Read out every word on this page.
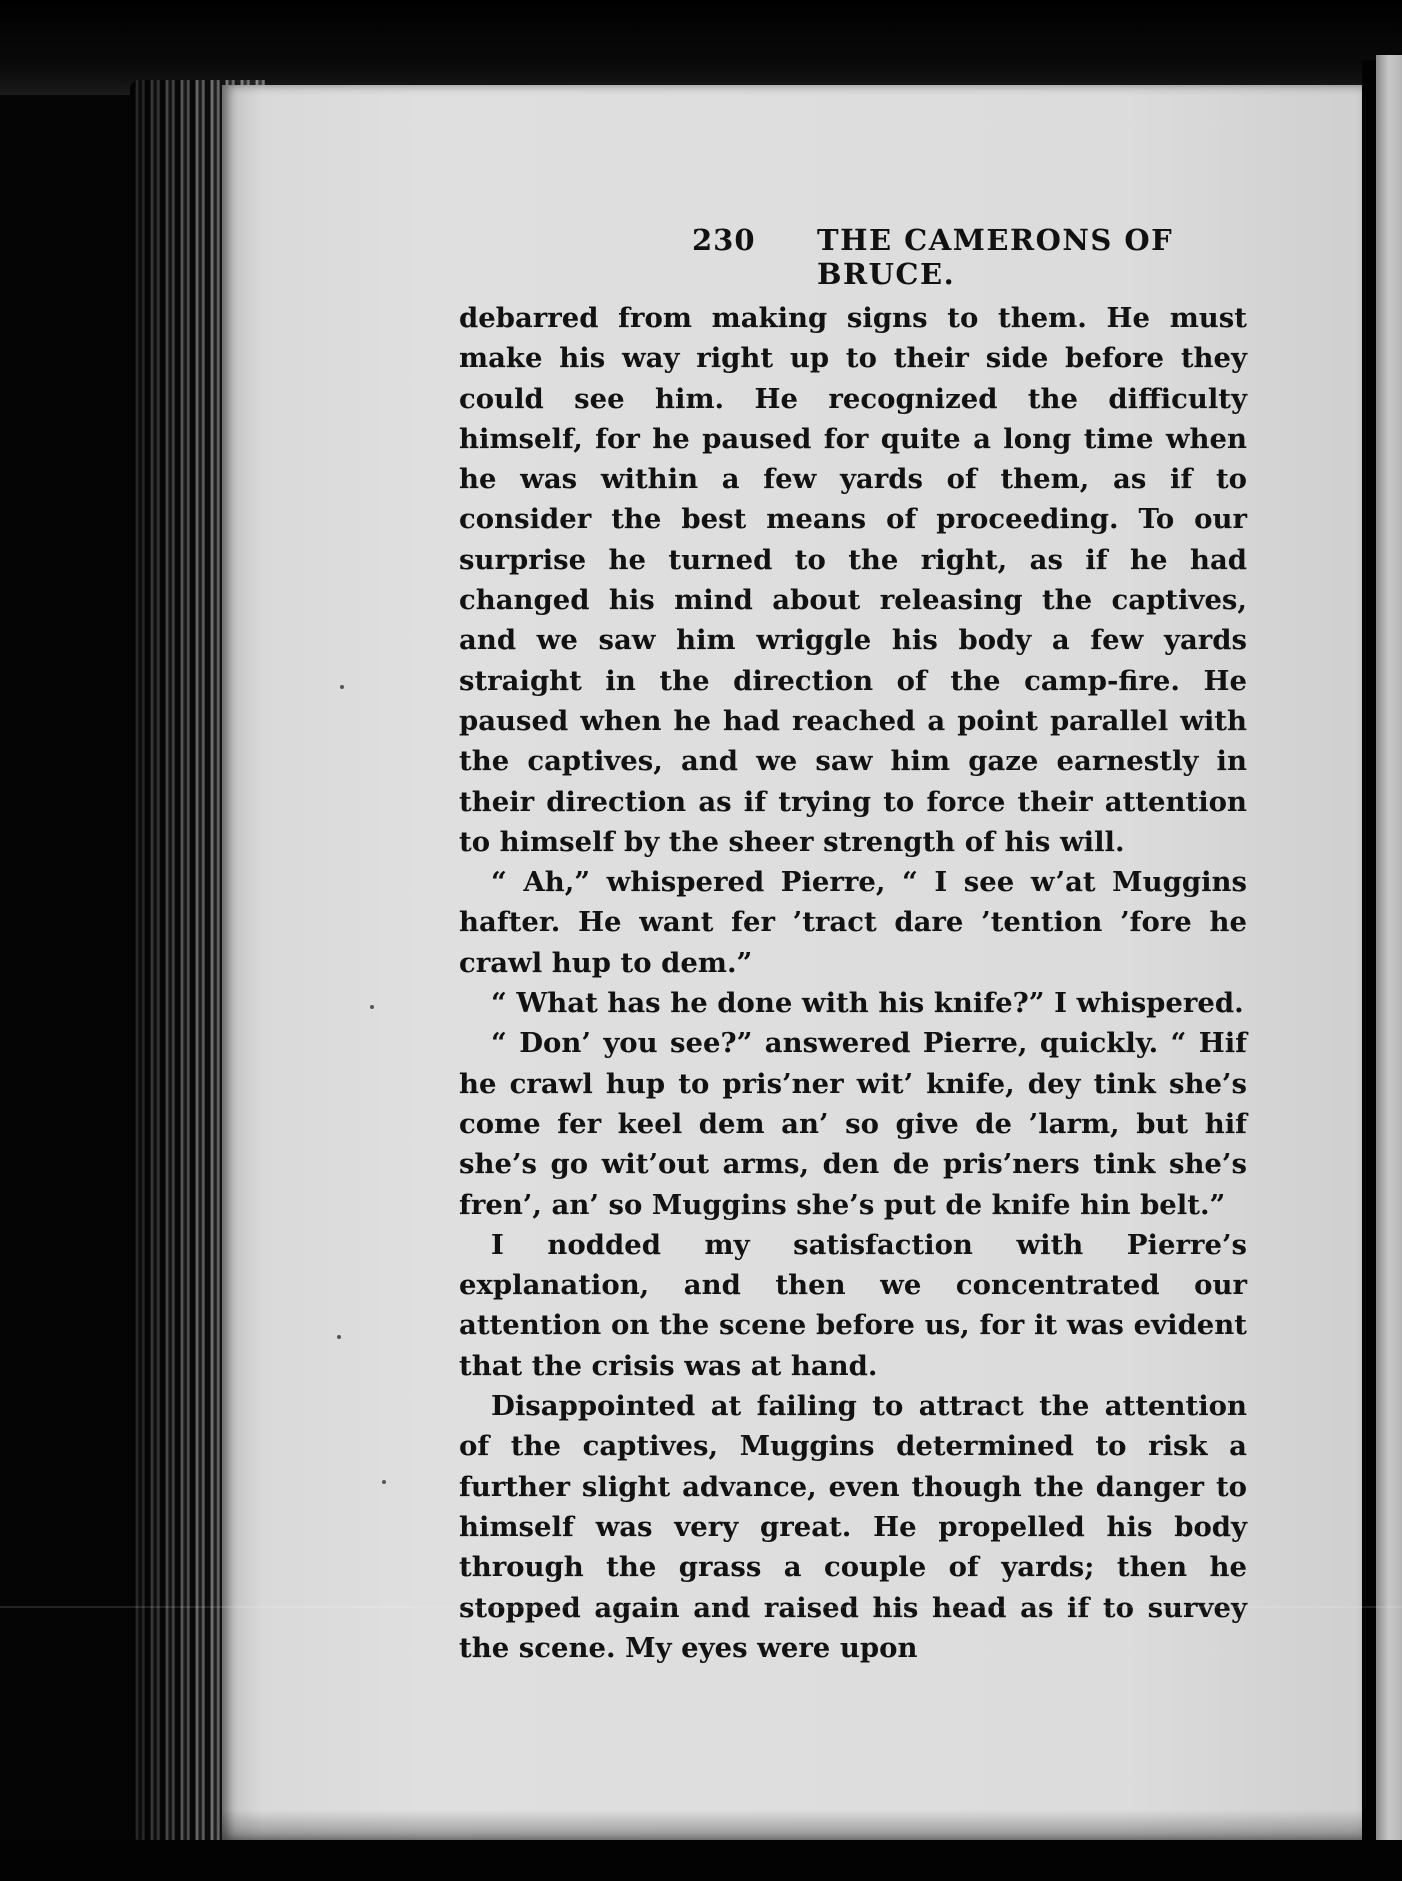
230 THE CAMERONS OF BRUCE.

debarred from making signs to them. He must make his way right up to their side before they could see him. He recognized the difficulty himself, for he paused for quite a long time when he was within a few yards of them, as if to consider the best means of proceeding. To our surprise he turned to the right, as if he had changed his mind about releasing the captives, and we saw him wriggle his body a few yards straight in the direction of the camp-fire. He paused when he had reached a point parallel with the captives, and we saw him gaze earnestly in their direction as if trying to force their attention to himself by the sheer strength of his will.

“ Ah,” whispered Pierre, “ I see w’at Muggins hafter. He want fer ’tract dare ’tention ’fore he crawl hup to dem.”

“ What has he done with his knife?” I whispered.

“ Don’ you see?” answered Pierre, quickly. “ Hif he crawl hup to pris’ner wit’ knife, dey tink she’s come fer keel dem an’ so give de ’larm, but hif she’s go wit’out arms, den de pris’ners tink she’s fren’, an’ so Muggins she’s put de knife hin belt.”

I nodded my satisfaction with Pierre’s explanation, and then we concentrated our attention on the scene before us, for it was evident that the crisis was at hand.

Disappointed at failing to attract the attention of the captives, Muggins determined to risk a further slight advance, even though the danger to himself was very great. He propelled his body through the grass a couple of yards; then he stopped again and raised his head as if to survey the scene. My eyes were upon
